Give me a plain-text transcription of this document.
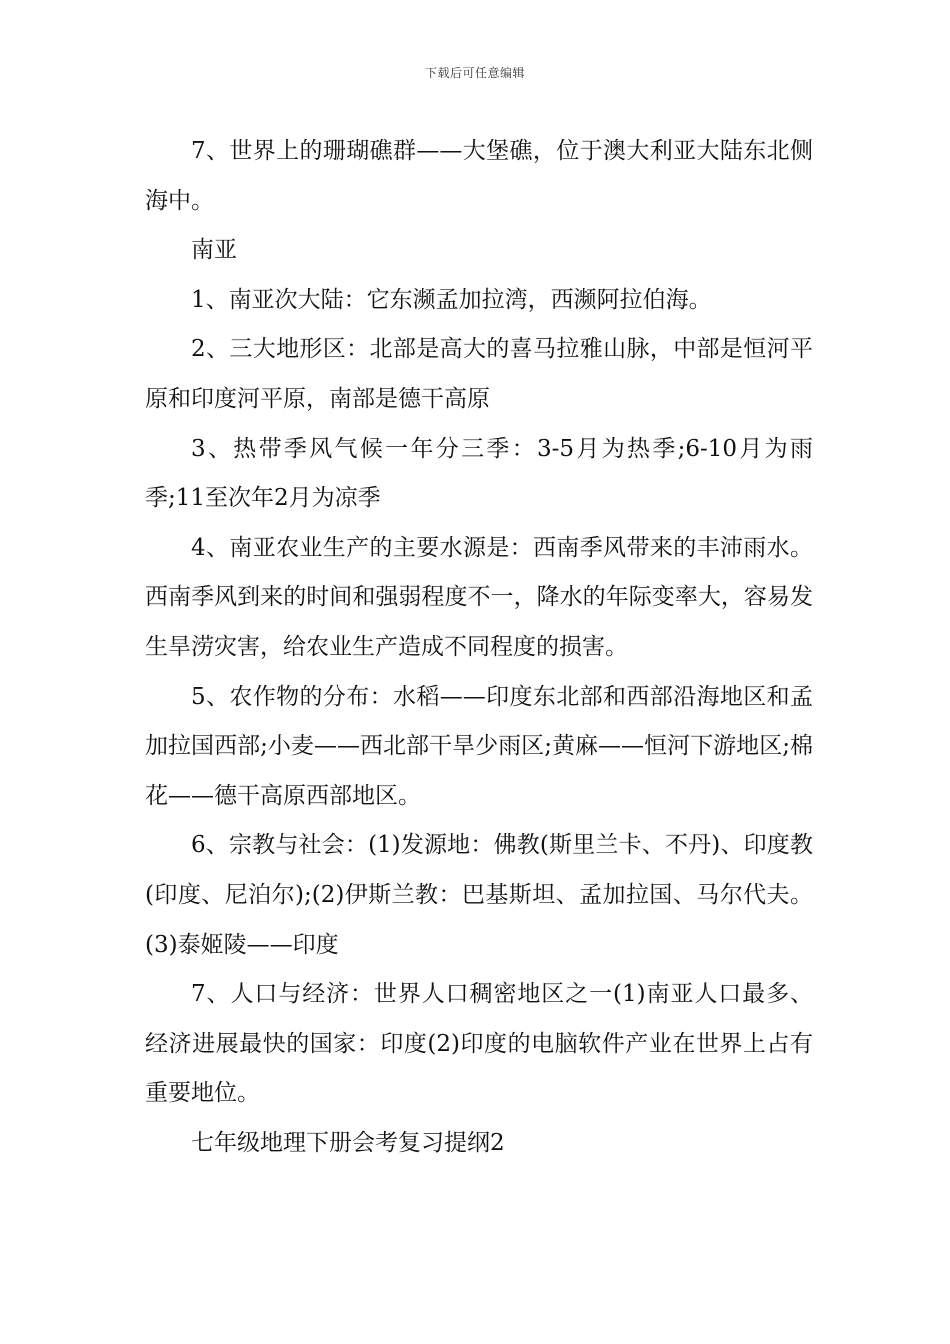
下载后可任意编辑

7、世界上的珊瑚礁群——大堡礁，位于澳大利亚大陆东北侧海中。

南亚

1、南亚次大陆：它东濒孟加拉湾，西濒阿拉伯海。

2、三大地形区：北部是高大的喜马拉雅山脉，中部是恒河平原和印度河平原，南部是德干高原

3、热带季风气候一年分三季：3-5月为热季;6-10月为雨季;11至次年2月为凉季

4、南亚农业生产的主要水源是：西南季风带来的丰沛雨水。西南季风到来的时间和强弱程度不一，降水的年际变率大，容易发生旱涝灾害，给农业生产造成不同程度的损害。

5、农作物的分布：水稻——印度东北部和西部沿海地区和孟加拉国西部;小麦——西北部干旱少雨区;黄麻——恒河下游地区;棉花——德干高原西部地区。

6、宗教与社会：(1)发源地：佛教(斯里兰卡、不丹)、印度教(印度、尼泊尔);(2)伊斯兰教：巴基斯坦、孟加拉国、马尔代夫。(3)泰姬陵——印度

7、人口与经济：世界人口稠密地区之一(1)南亚人口最多、经济进展最快的国家：印度(2)印度的电脑软件产业在世界上占有重要地位。

七年级地理下册会考复习提纲2
